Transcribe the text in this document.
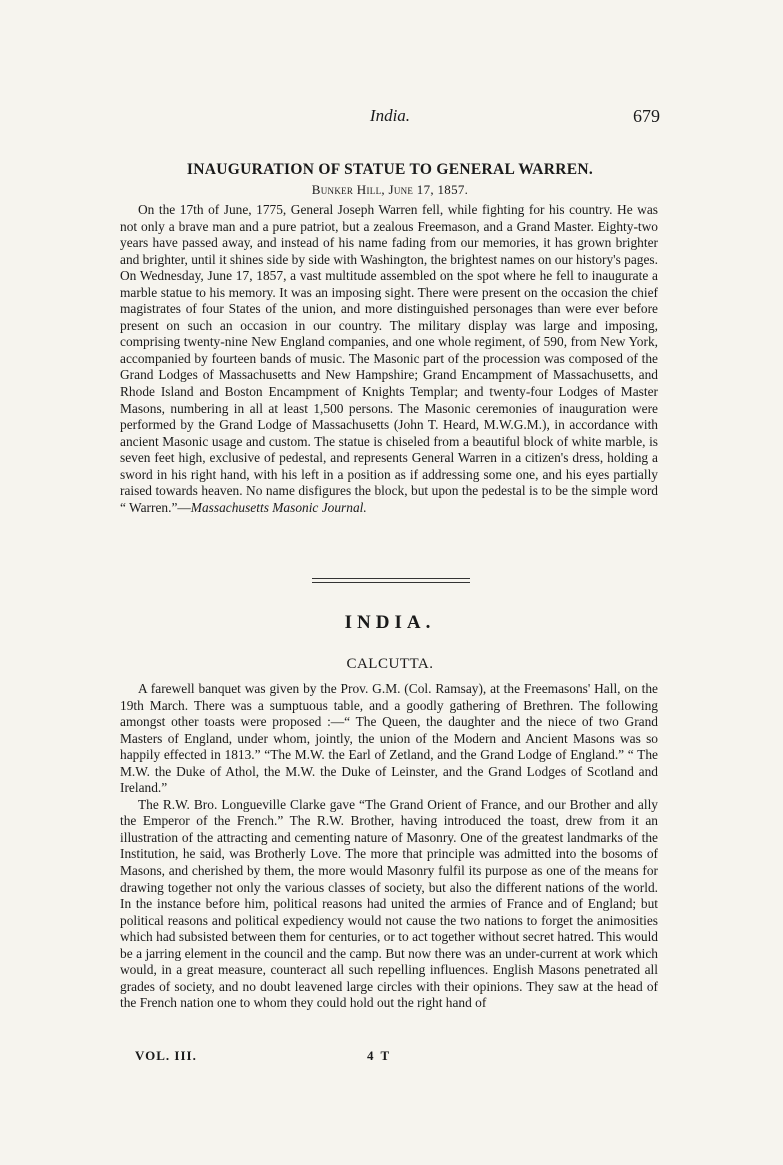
India.	679
INAUGURATION OF STATUE TO GENERAL WARREN.
Bunker Hill, June 17, 1857.

On the 17th of June, 1775, General Joseph Warren fell, while fighting for his country. He was not only a brave man and a pure patriot, but a zealous Freemason, and a Grand Master. Eighty-two years have passed away, and instead of his name fading from our memories, it has grown brighter and brighter, until it shines side by side with Washington, the brightest names on our history's pages. On Wednesday, June 17, 1857, a vast multitude assembled on the spot where he fell to inaugurate a marble statue to his memory. It was an imposing sight. There were present on the occasion the chief magistrates of four States of the union, and more distinguished personages than were ever before present on such an occasion in our country. The military display was large and imposing, comprising twenty-nine New England companies, and one whole regiment, of 590, from New York, accompanied by fourteen bands of music. The Masonic part of the procession was composed of the Grand Lodges of Massachusetts and New Hampshire; Grand Encampment of Massachusetts, and Rhode Island and Boston Encampment of Knights Templar; and twenty-four Lodges of Master Masons, numbering in all at least 1,500 persons. The Masonic ceremonies of inauguration were performed by the Grand Lodge of Massachusetts (John T. Heard, M.W.G.M.), in accordance with ancient Masonic usage and custom. The statue is chiseled from a beautiful block of white marble, is seven feet high, exclusive of pedestal, and represents General Warren in a citizen's dress, holding a sword in his right hand, with his left in a position as if addressing some one, and his eyes partially raised towards heaven. No name disfigures the block, but upon the pedestal is to be the simple word “ Warren.”—Massachusetts Masonic Journal.

INDIA.
CALCUTTA.

A farewell banquet was given by the Prov. G.M. (Col. Ramsay), at the Freemasons' Hall, on the 19th March. There was a sumptuous table, and a goodly gathering of Brethren. The following amongst other toasts were proposed :—“ The Queen, the daughter and the niece of two Grand Masters of England, under whom, jointly, the union of the Modern and Ancient Masons was so happily effected in 1813.” “The M.W. the Earl of Zetland, and the Grand Lodge of England.” “ The M.W. the Duke of Athol, the M.W. the Duke of Leinster, and the Grand Lodges of Scotland and Ireland.”

The R.W. Bro. Longueville Clarke gave “The Grand Orient of France, and our Brother and ally the Emperor of the French.” The R.W. Brother, having introduced the toast, drew from it an illustration of the attracting and cementing nature of Masonry. One of the greatest landmarks of the Institution, he said, was Brotherly Love. The more that principle was admitted into the bosoms of Masons, and cherished by them, the more would Masonry fulfil its purpose as one of the means for drawing together not only the various classes of society, but also the different nations of the world. In the instance before him, political reasons had united the armies of France and of England; but political reasons and political expediency would not cause the two nations to forget the animosities which had subsisted between them for centuries, or to act together without secret hatred. This would be a jarring element in the council and the camp. But now there was an under-current at work which would, in a great measure, counteract all such repelling influences. English Masons penetrated all grades of society, and no doubt leavened large circles with their opinions. They saw at the head of the French nation one to whom they could hold out the right hand of

VOL. III.	4 T
